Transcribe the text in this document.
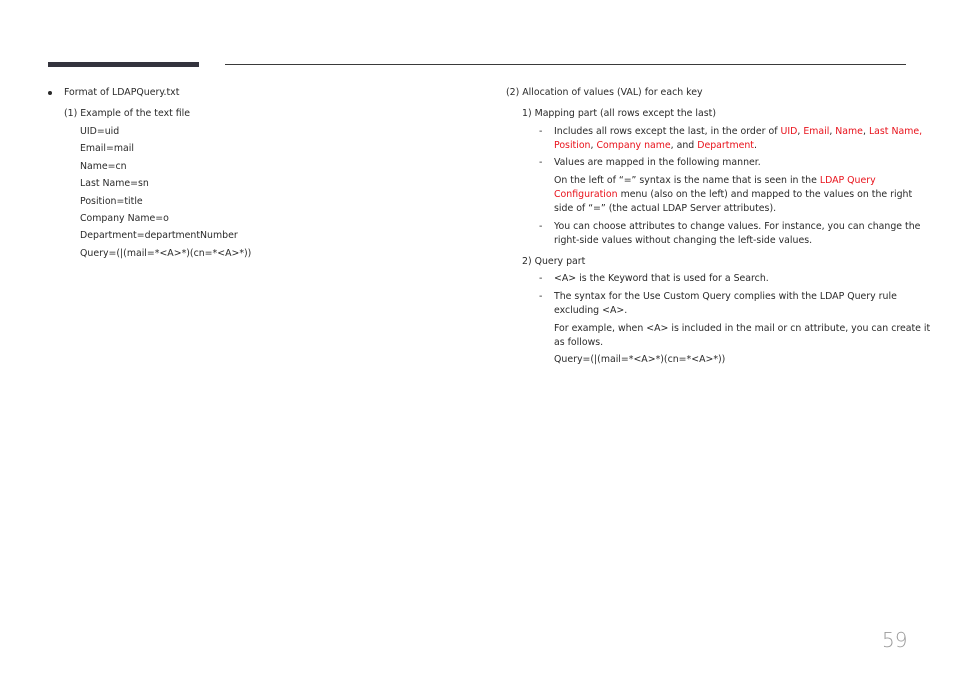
Format of LDAPQuery.txt
(1) Example of the text file
UID=uid
Email=mail
Name=cn
Last Name=sn
Position=title
Company Name=o
Department=departmentNumber
Query=(|(mail=*<A>*)(cn=*<A>*))
(2) Allocation of values (VAL) for each key
1) Mapping part (all rows except the last)
- Includes all rows except the last, in the order of UID, Email, Name, Last Name,
Position, Company name, and Department.
- Values are mapped in the following manner.
On the left of “=” syntax is the name that is seen in the LDAP Query
Configuration menu (also on the left) and mapped to the values on the right
side of “=” (the actual LDAP Server attributes).
- You can choose attributes to change values. For instance, you can change the
right-side values without changing the left-side values.
2) Query part
- <A> is the Keyword that is used for a Search.
- The syntax for the Use Custom Query complies with the LDAP Query rule
excluding <A>.
For example, when <A> is included in the mail or cn attribute, you can create it
as follows.
Query=(|(mail=*<A>*)(cn=*<A>*))
59
